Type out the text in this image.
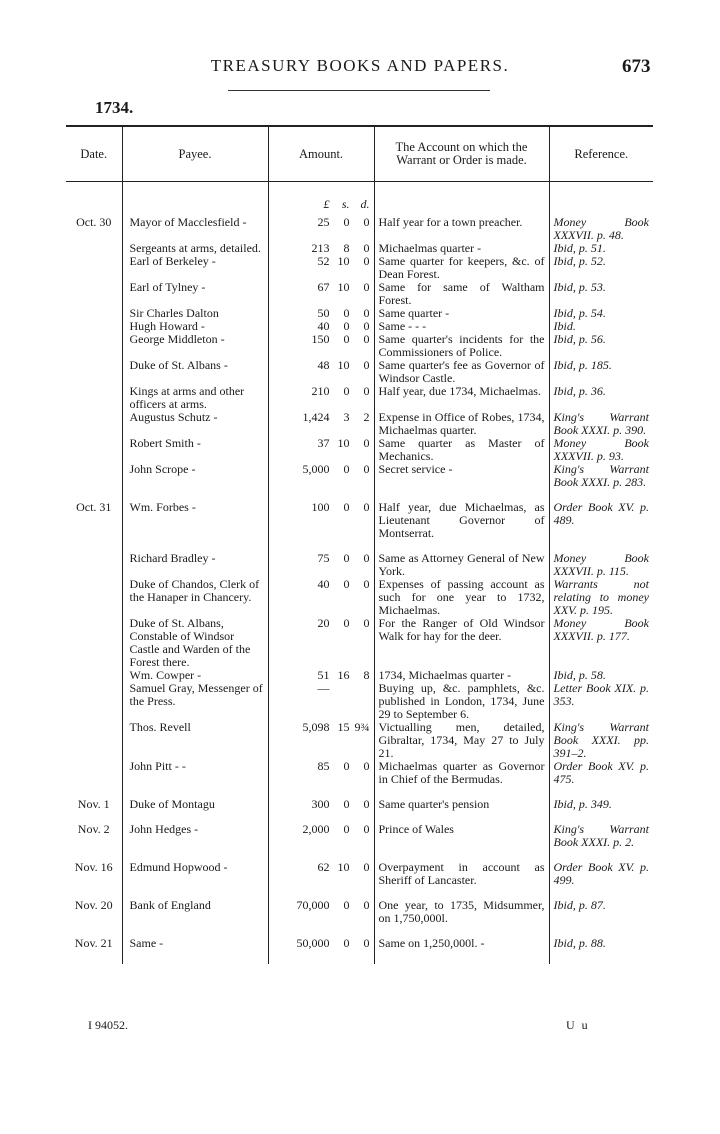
TREASURY BOOKS AND PAPERS.	673
1734.
Date.	Payee.	Amount.	The Account on which the Warrant or Order is made.	Reference.

		£ s. d.		

Oct. 30	Mayor of Macclesfield -	25 0 0	Half year for a town preacher.	Money Book XXXVII. p. 48.
	Sergeants at arms, detailed.	213 8 0	Michaelmas quarter -	Ibid, p. 51.
	Earl of Berkeley -	52 10 0	Same quarter for keepers, &c. of Dean Forest.	Ibid, p. 52.
	Earl of Tylney -	67 10 0	Same for same of Waltham Forest.	Ibid, p. 53.
	Sir Charles Dalton	50 0 0	Same quarter -	Ibid, p. 54.
	Hugh Howard -	40 0 0	Same - - -	Ibid.
	George Middleton -	150 0 0	Same quarter's incidents for the Commissioners of Police.	Ibid, p. 56.
	Duke of St. Albans -	48 10 0	Same quarter's fee as Governor of Windsor Castle.	Ibid, p. 185.
	Kings at arms and other officers at arms.	210 0 0	Half year, due 1734, Michaelmas.	Ibid, p. 36.
	Augustus Schutz -	1,424 3 2	Expense in Office of Robes, 1734, Michaelmas quarter.	King's Warrant Book XXXI. p. 390.
	Robert Smith -	37 10 0	Same quarter as Master of Mechanics.	Money Book XXXVII. p. 93.
	John Scrope -	5,000 0 0	Secret service -	King's Warrant Book XXXI. p. 283.
Oct. 31	Wm. Forbes -	100 0 0	Half year, due Michaelmas, as Lieutenant Governor of Montserrat.	Order Book XV. p. 489.
	Richard Bradley -	75 0 0	Same as Attorney General of New York.	Money Book XXXVII. p. 115.
	Duke of Chandos, Clerk of the Hanaper in Chancery.	40 0 0	Expenses of passing account as such for one year to 1732, Michaelmas.	Warrants not relating to money XXV. p. 195.
	Duke of St. Albans, Constable of Windsor Castle and Warden of the Forest there.	20 0 0	For the Ranger of Old Windsor Walk for hay for the deer.	Money Book XXXVII. p. 177.
	Wm. Cowper -	51 16 8	1734, Michaelmas quarter -	Ibid, p. 58.
	Samuel Gray, Messenger of the Press.	—	Buying up, &c. pamphlets, &c. published in London, 1734, June 29 to September 6.	Letter Book XIX. p. 353.
	Thos. Revell	5,098 15 9¾	Victualling men, detailed, Gibraltar, 1734, May 27 to July 21.	King's Warrant Book XXXI. pp. 391–2.
	John Pitt - -	85 0 0	Michaelmas quarter as Governor in Chief of the Bermudas.	Order Book XV. p. 475.
Nov. 1	Duke of Montagu	300 0 0	Same quarter's pension	Ibid, p. 349.
Nov. 2	John Hedges -	2,000 0 0	Prince of Wales	King's Warrant Book XXXI. p. 2.
Nov. 16	Edmund Hopwood -	62 10 0	Overpayment in account as Sheriff of Lancaster.	Order Book XV. p. 499.
Nov. 20	Bank of England	70,000 0 0	One year, to 1735, Midsummer, on 1,750,000l.	Ibid, p. 87.
Nov. 21	Same -	50,000 0 0	Same on 1,250,000l. -	Ibid, p. 88.

I 94052.	U u
